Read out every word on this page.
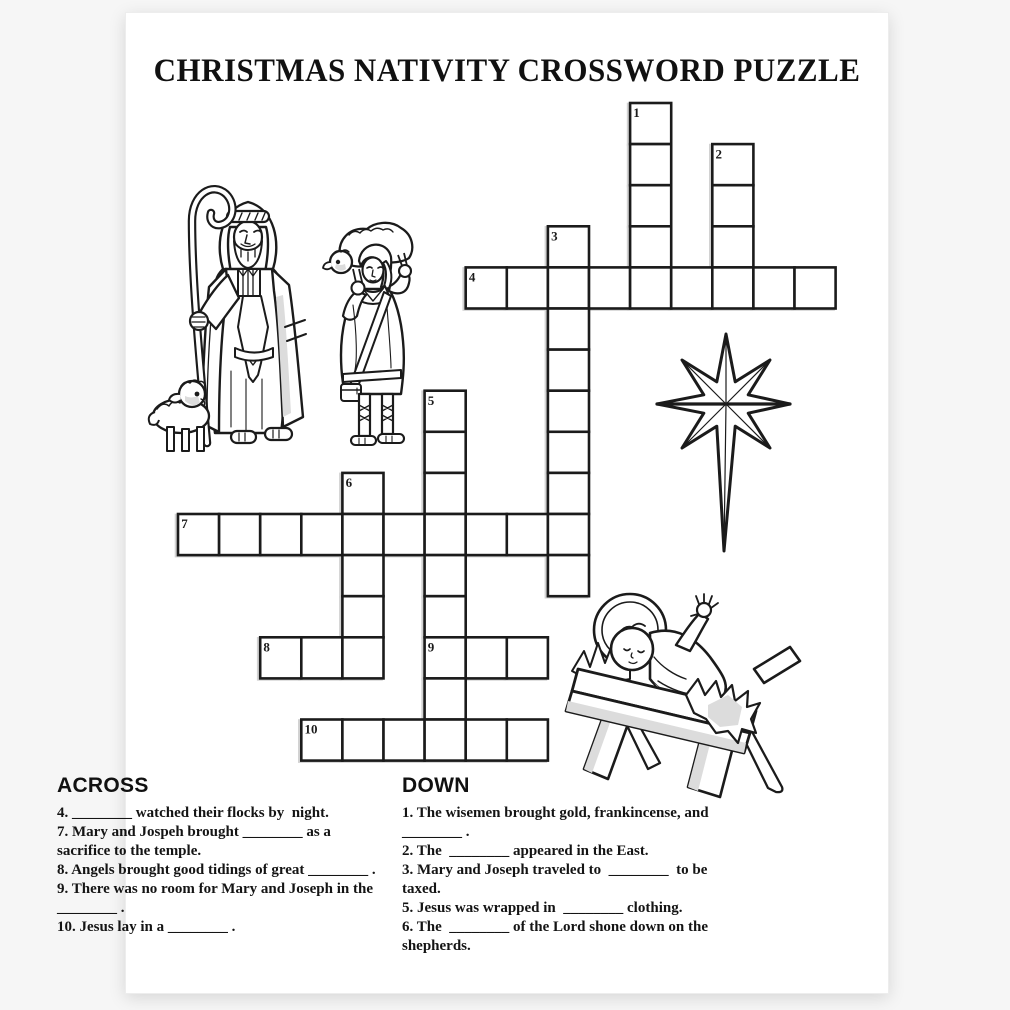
CHRISTMAS NATIVITY CROSSWORD PUZZLE
1
2
3
4
5
6
7
8	9
10
ACROSS
4. ________ watched their flocks by  night.
7. Mary and Jospeh brought ________ as a sacrifice to the temple.
8. Angels brought good tidings of great ________ .
9. There was no room for Mary and Joseph in the ________ .
10. Jesus lay in a ________ .
DOWN
1. The wisemen brought gold, frankincense, and ________ .
2. The  ________ appeared in the East.
3. Mary and Joseph traveled to  ________  to be taxed.
5. Jesus was wrapped in  ________ clothing.
6. The  ________ of the Lord shone down on the shepherds.
